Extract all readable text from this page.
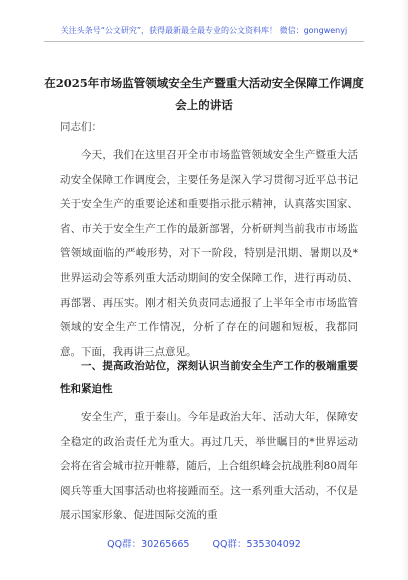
关注头条号“公文研究”，获得最新最全最专业的公文资料库！ 微信：gongwenyj
在2025年市场监管领域安全生产暨重大活动安全保障工作调度会上的讲话
同志们：

今天，我们在这里召开全市市场监管领域安全生产暨重大活动安全保障工作调度会，主要任务是深入学习贯彻习近平总书记关于安全生产的重要论述和重要指示批示精神，认真落实国家、省、市关于安全生产工作的最新部署，分析研判当前我市市场监管领域面临的严峻形势，对下一阶段，特别是汛期、暑期以及*世界运动会等系列重大活动期间的安全保障工作，进行再动员、再部署、再压实。刚才相关负责同志通报了上半年全市市场监管领域的安全生产工作情况，分析了存在的问题和短板，我都同意。下面，我再讲三点意见。

一、提高政治站位，深刻认识当前安全生产工作的极端重要性和紧迫性

安全生产，重于泰山。今年是政治大年、活动大年，保障安全稳定的政治责任尤为重大。再过几天，举世瞩目的*世界运动会将在省会城市拉开帷幕，随后，上合组织峰会抗战胜利80周年阅兵等重大国事活动也将接踵而至。这一系列重大活动，不仅是展示国家形象、促进国际交流的重

QQ群：30265665 QQ群：535304092
